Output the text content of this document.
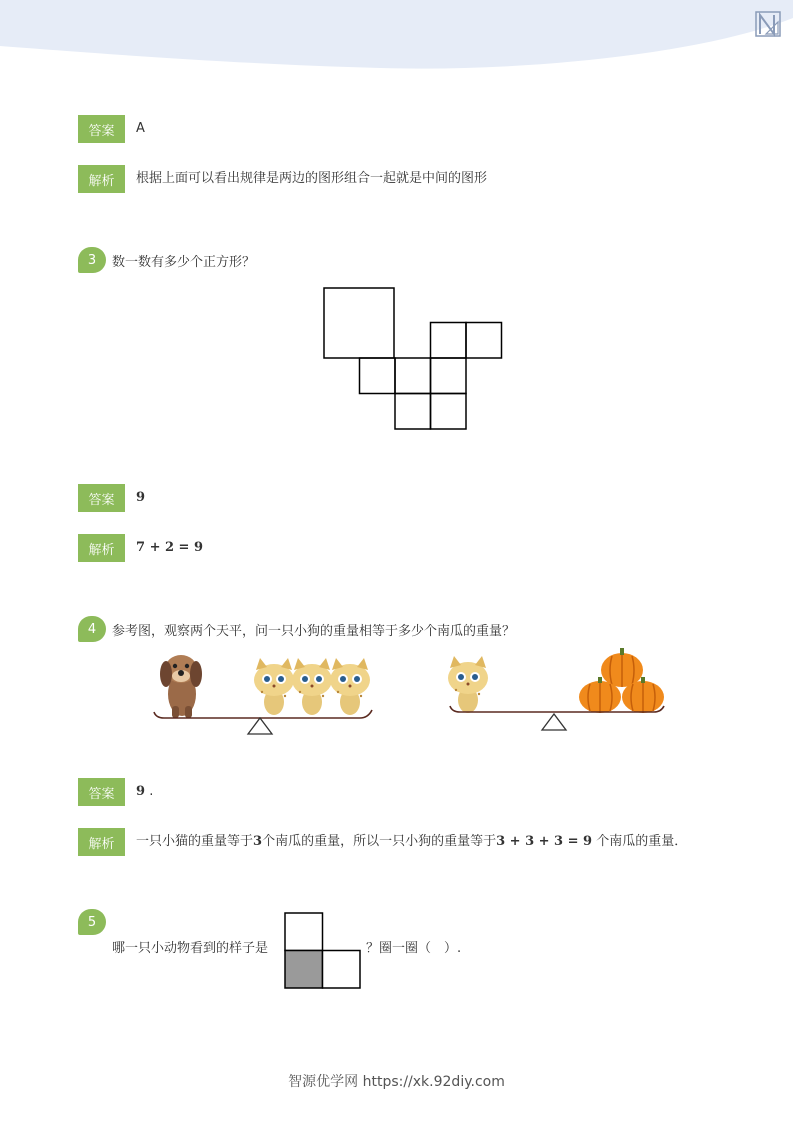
答案	A
解析	根据上面可以看出规律是两边的图形组合一起就是中间的图形
3	数一数有多少个正方形？
答案	9
解析	7 + 2 = 9
4	参考图，观察两个天平，问一只小狗的重量相等于多少个南瓜的重量？
答案	9 .
解析	一只小猫的重量等于3个南瓜的重量，所以一只小狗的重量等于3 + 3 + 3 = 9 个南瓜的重量．
5
哪一只小动物看到的样子是	？圈一圈（　）.
智源优学网 https://xk.92diy.com
